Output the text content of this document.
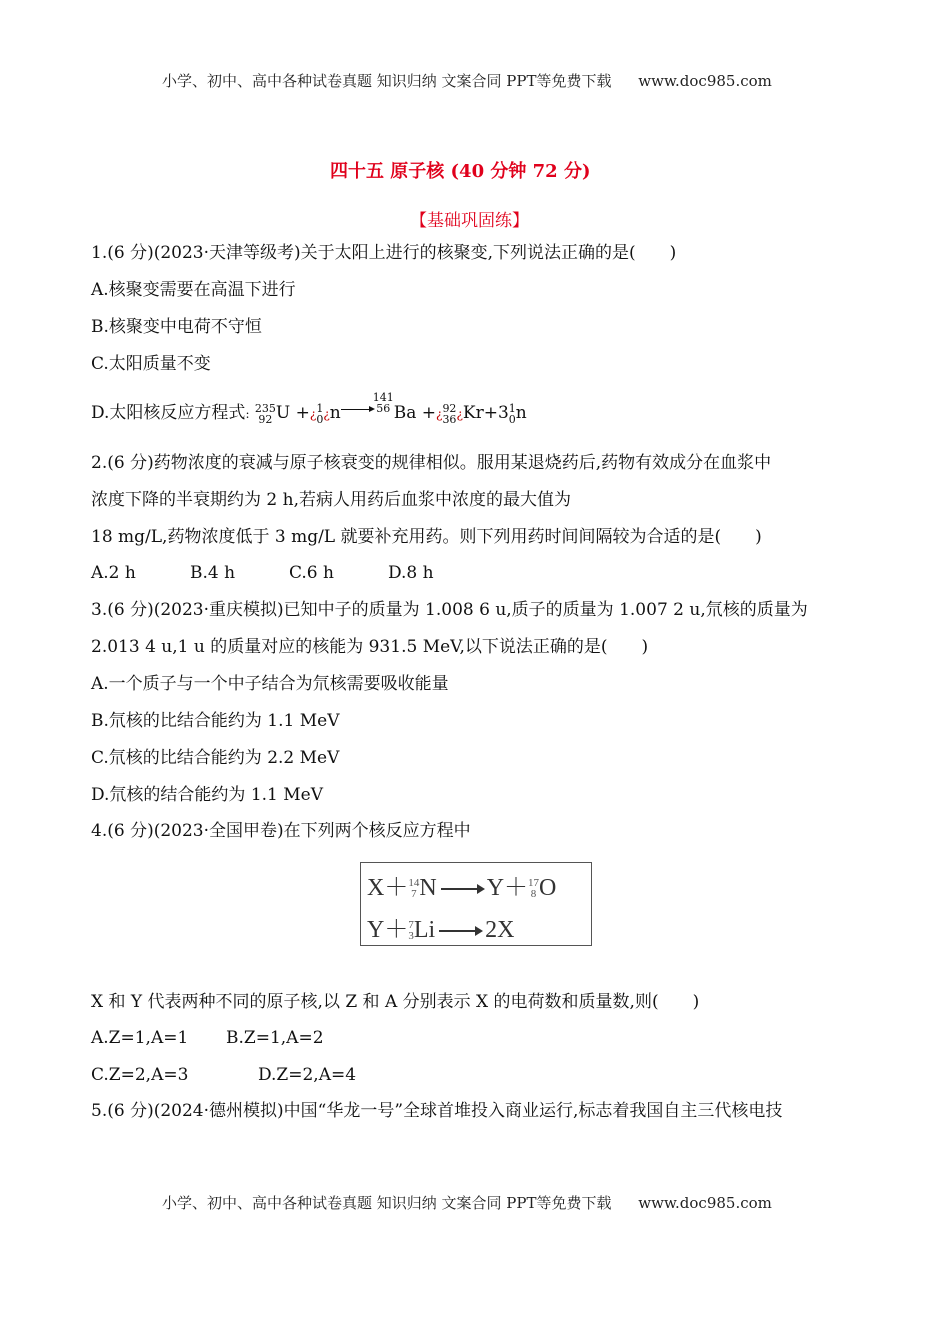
小学、初中、高中各种试卷真题 知识归纳 文案合同 PPT等免费下载 www.doc985.com
四十五 原子核 (40 分钟 72 分)
【基础巩固练】
1.(6 分)(2023·天津等级考)关于太阳上进行的核聚变,下列说法正确的是(　　)
A.核聚变需要在高温下进行
B.核聚变中电荷不守恒
C.太阳质量不变
D.太阳核反应方程式: 235
92 U +¿1
0¿n→141
56 Ba +¿92
36¿Kr+31
0n
2.(6 分)药物浓度的衰减与原子核衰变的规律相似。服用某退烧药后,药物有效成分在血浆中
浓度下降的半衰期约为 2 h,若病人用药后血浆中浓度的最大值为
18 mg/L,药物浓度低于 3 mg/L 就要补充用药。则下列用药时间间隔较为合适的是(　　)
A.2 h	B.4 h	C.6 h	D.8 h
3.(6 分)(2023·重庆模拟)已知中子的质量为 1.008 6 u,质子的质量为 1.007 2 u,氘核的质量为
2.013 4 u,1 u 的质量对应的核能为 931.5 MeV,以下说法正确的是(　　)
A.一个质子与一个中子结合为氘核需要吸收能量
B.氘核的比结合能约为 1.1 MeV
C.氘核的比结合能约为 2.2 MeV
D.氘核的结合能约为 1.1 MeV
4.(6 分)(2023·全国甲卷)在下列两个核反应方程中
X＋14
7 N Y＋17
8 O
Y＋7
3Li 2X
X 和 Y 代表两种不同的原子核,以 Z 和 A 分别表示 X 的电荷数和质量数,则(　　)
A.Z=1,A=1 B.Z=1,A=2
C.Z=2,A=3	D.Z=2,A=4
5.(6 分)(2024·德州模拟)中国“华龙一号”全球首堆投入商业运行,标志着我国自主三代核电技
小学、初中、高中各种试卷真题 知识归纳 文案合同 PPT等免费下载 www.doc985.com
